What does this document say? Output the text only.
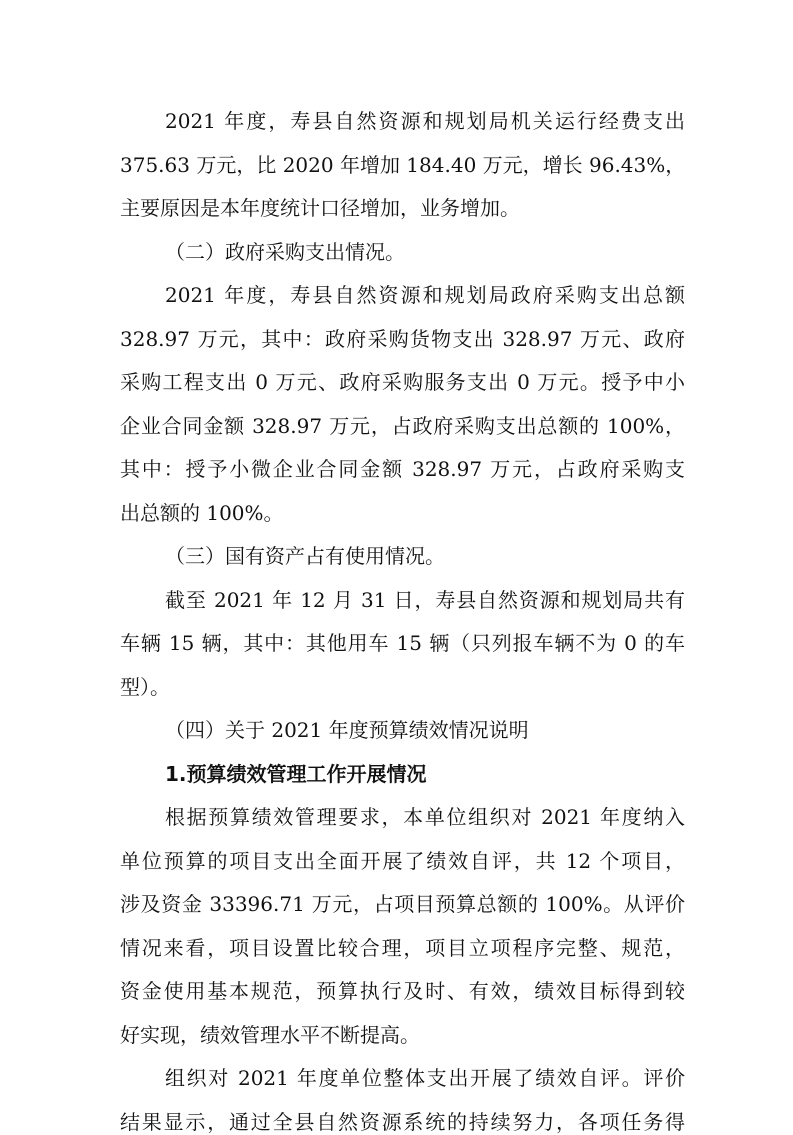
2021 年度，寿县自然资源和规划局机关运行经费支出
375.63 万元，比 2020 年增加 184.40 万元，增长 96.43%，
主要原因是本年度统计口径增加，业务增加。
（二）政府采购支出情况。
2021 年度，寿县自然资源和规划局政府采购支出总额
328.97 万元，其中：政府采购货物支出 328.97 万元、政府
采购工程支出 0 万元、政府采购服务支出 0 万元。授予中小
企业合同金额 328.97 万元，占政府采购支出总额的 100%，
其中：授予小微企业合同金额 328.97 万元，占政府采购支
出总额的 100%。
（三）国有资产占有使用情况。
截至 2021 年 12 月 31 日，寿县自然资源和规划局共有
车辆 15 辆，其中：其他用车 15 辆（只列报车辆不为 0 的车
型）。
（四）关于 2021 年度预算绩效情况说明
1.预算绩效管理工作开展情况
根据预算绩效管理要求，本单位组织对 2021 年度纳入
单位预算的项目支出全面开展了绩效自评，共 12 个项目，
涉及资金 33396.71 万元，占项目预算总额的 100%。从评价
情况来看，项目设置比较合理，项目立项程序完整、规范，
资金使用基本规范，预算执行及时、有效，绩效目标得到较
好实现，绩效管理水平不断提高。
组织对 2021 年度单位整体支出开展了绩效自评。评价
结果显示，通过全县自然资源系统的持续努力，各项任务得
